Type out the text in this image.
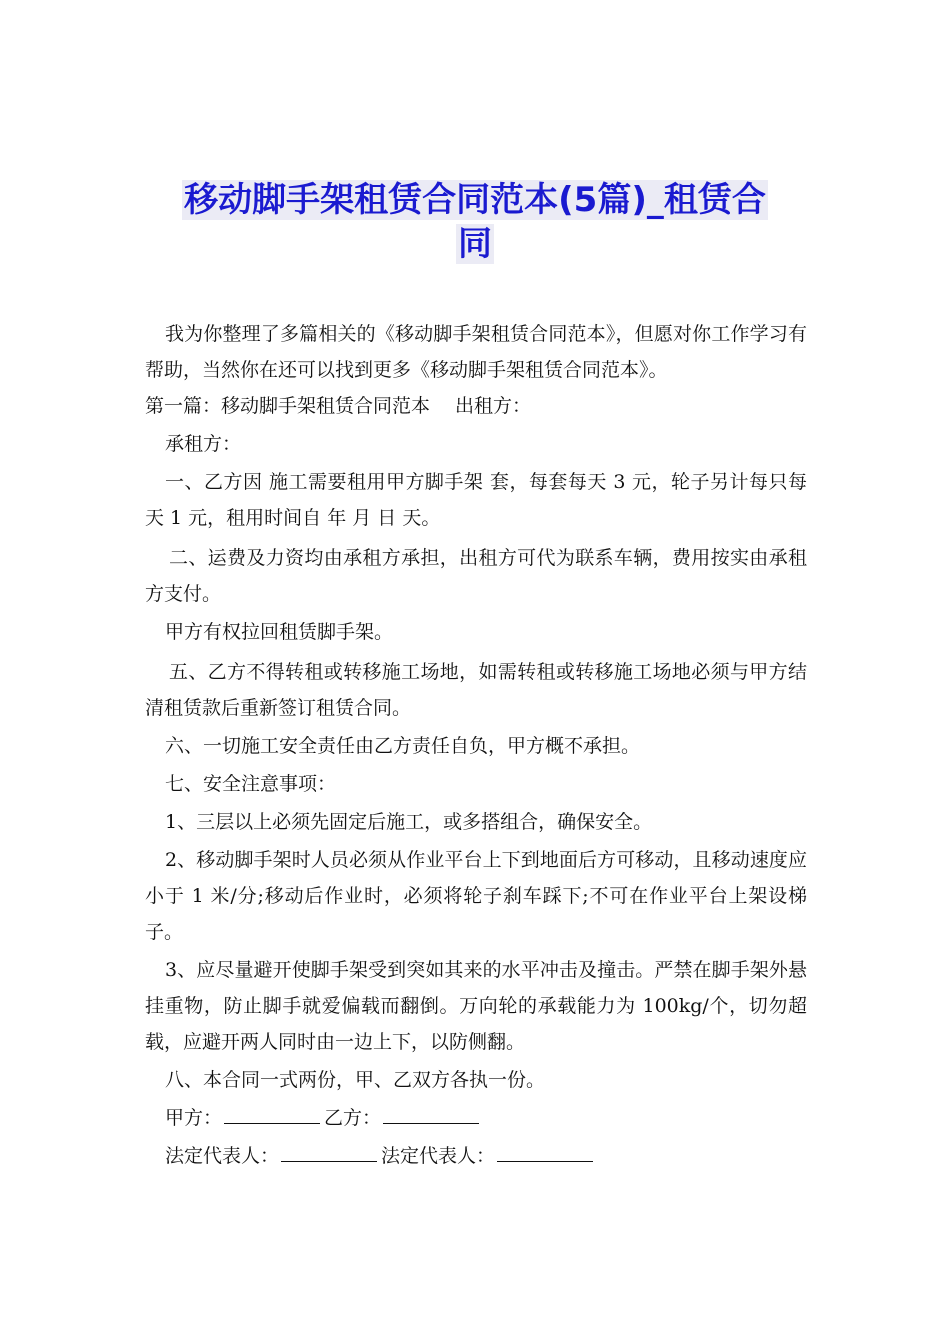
移动脚手架租赁合同范本(5篇)_租赁合
同

我为你整理了多篇相关的《移动脚手架租赁合同范本》，但愿对你工作学习有帮助，当然你在还可以找到更多《移动脚手架租赁合同范本》。

第一篇：移动脚手架租赁合同范本 　出租方：

承租方：

一、乙方因 施工需要租用甲方脚手架 套，每套每天 3 元，轮子另计每只每天 1 元，租用时间自 年 月 日 天。

二、运费及力资均由承租方承担，出租方可代为联系车辆，费用按实由承租方支付。

甲方有权拉回租赁脚手架。

五、乙方不得转租或转移施工场地，如需转租或转移施工场地必须与甲方结清租赁款后重新签订租赁合同。

六、一切施工安全责任由乙方责任自负，甲方概不承担。

七、安全注意事项：

1、三层以上必须先固定后施工，或多搭组合，确保安全。

2、移动脚手架时人员必须从作业平台上下到地面后方可移动，且移动速度应小于 1 米/分;移动后作业时，必须将轮子刹车踩下;不可在作业平台上架设梯子。

3、应尽量避开使脚手架受到突如其来的水平冲击及撞击。严禁在脚手架外悬挂重物，防止脚手就爱偏载而翻倒。万向轮的承载能力为 100kg/个，切勿超载，应避开两人同时由一边上下，以防侧翻。

八、本合同一式两份，甲、乙双方各执一份。

甲方：	乙方：

法定代表人：	法定代表人：
